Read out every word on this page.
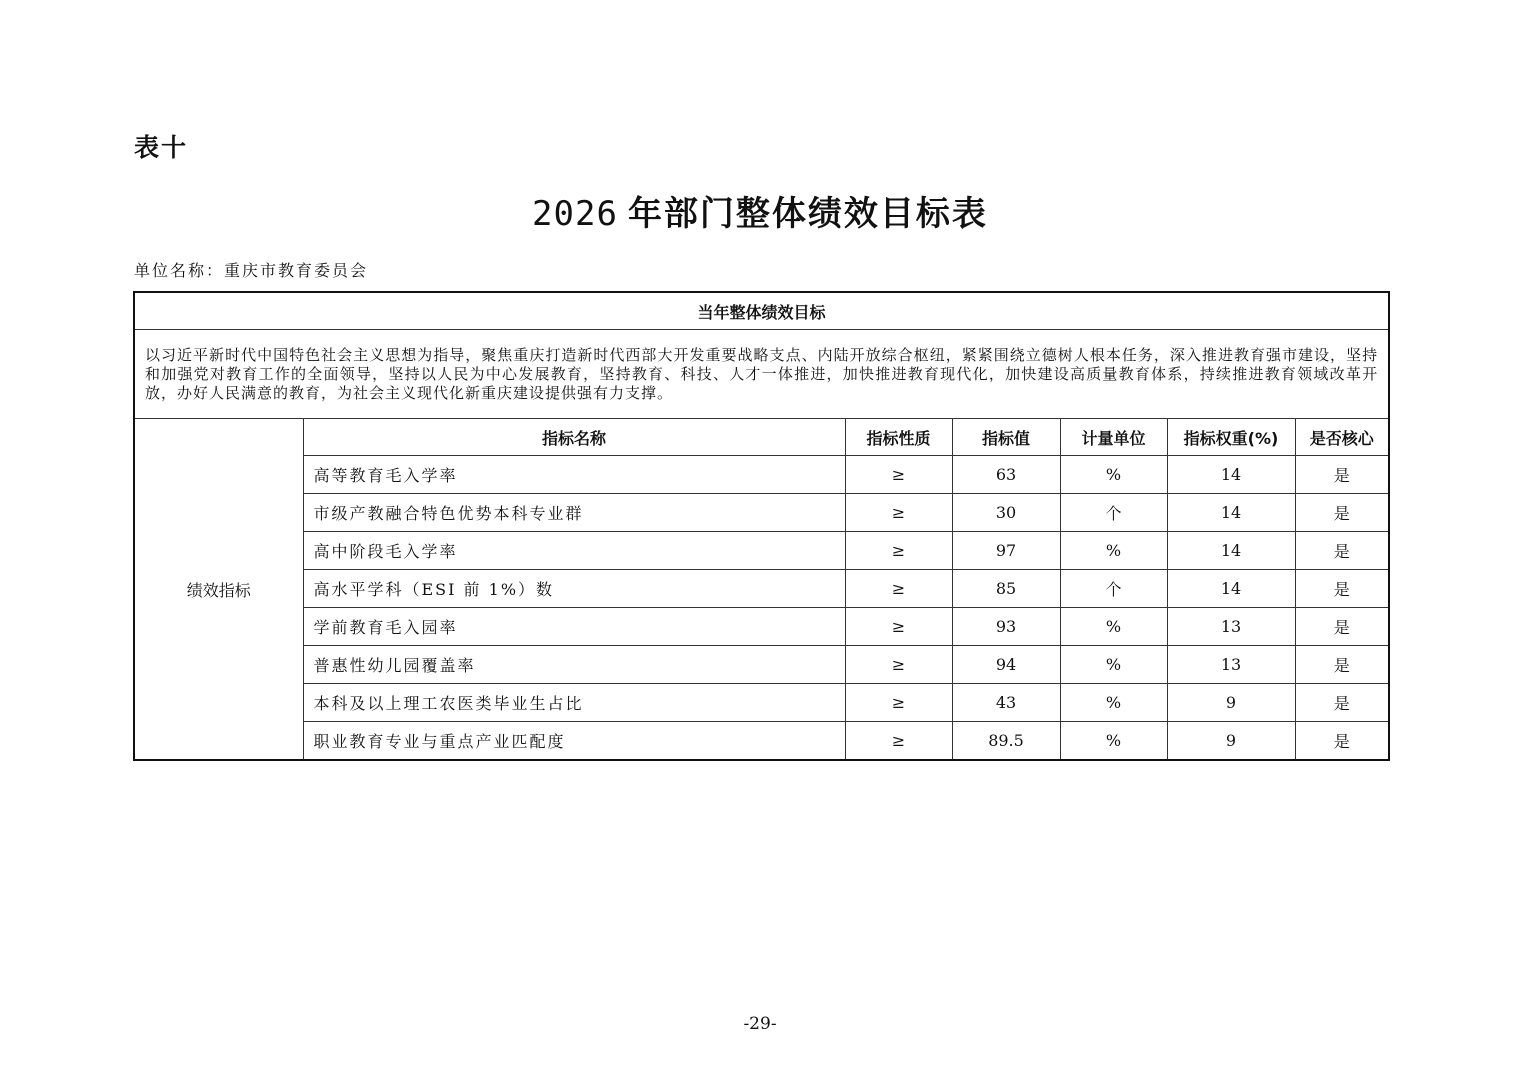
表十
2026 年部门整体绩效目标表
单位名称：重庆市教育委员会
当年整体绩效目标						
以习近平新时代中国特色社会主义思想为指导，聚焦重庆打造新时代西部大开发重要战略支点、内陆开放综合枢纽，紧紧围绕立德树人根本任务，深入推进教育强市建设，坚持和加强党对教育工作的全面领导，坚持以人民为中心发展教育，坚持教育、科技、人才一体推进，加快推进教育现代化，加快建设高质量教育体系，持续推进教育领域改革开放，办好人民满意的教育，为社会主义现代化新重庆建设提供强有力支撑。						
绩效指标	指标名称	指标性质	指标值	计量单位	指标权重(%)	是否核心
	高等教育毛入学率	≥	63	%	14	是
	市级产教融合特色优势本科专业群	≥	30	个	14	是
	高中阶段毛入学率	≥	97	%	14	是
	高水平学科（ESI 前 1%）数	≥	85	个	14	是
	学前教育毛入园率	≥	93	%	13	是
	普惠性幼儿园覆盖率	≥	94	%	13	是
	本科及以上理工农医类毕业生占比	≥	43	%	9	是
	职业教育专业与重点产业匹配度	≥	89.5	%	9	是
-29-
